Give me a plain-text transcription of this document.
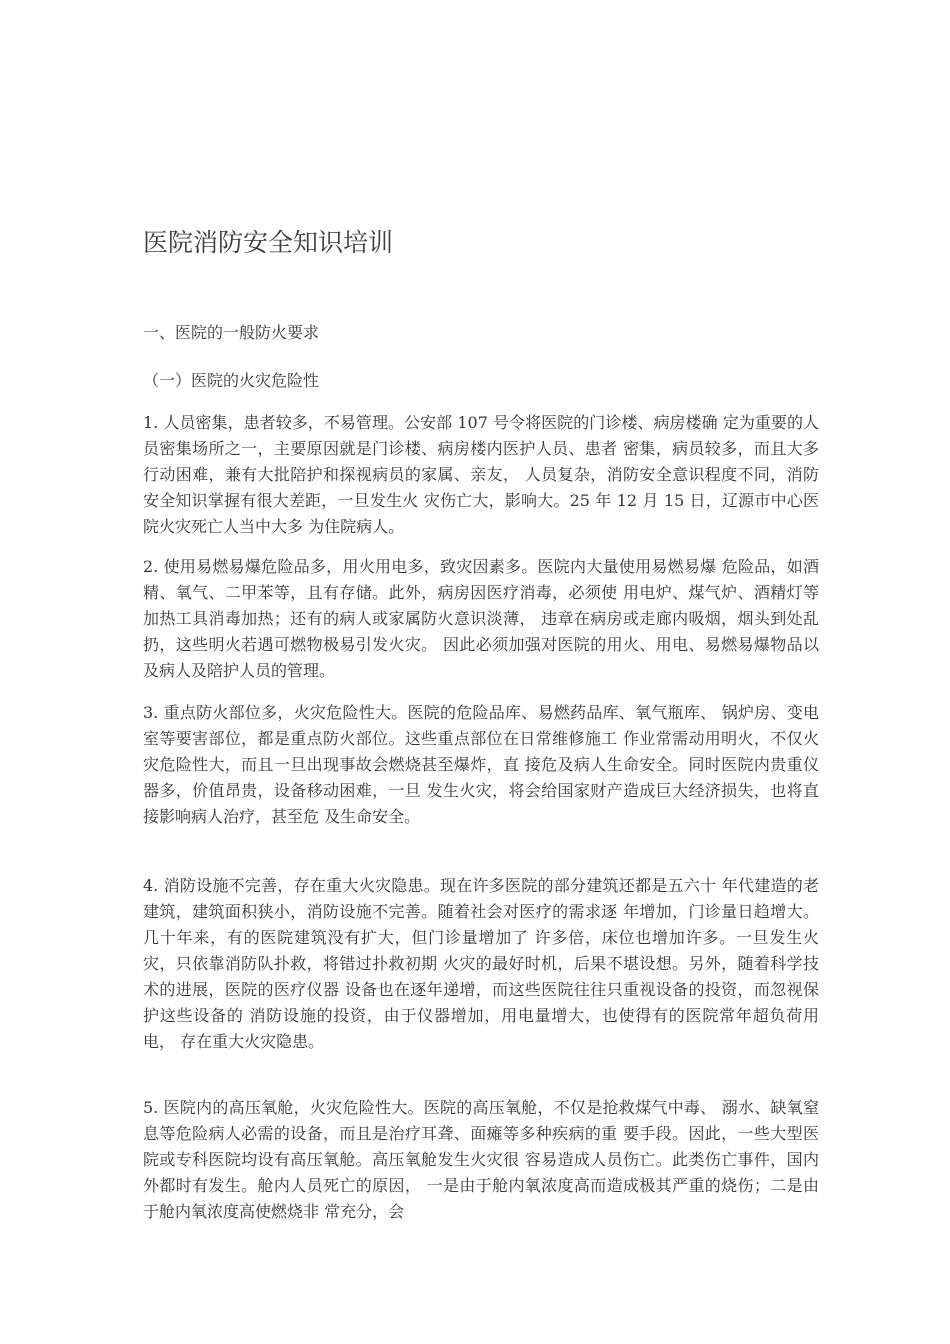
医院消防安全知识培训
一、医院的一般防火要求
（一）医院的火灾危险性

1. 人员密集，患者较多，不易管理。公安部 107 号令将医院的门诊楼、病房楼确 定为重要的人员密集场所之一，主要原因就是门诊楼、病房楼内医护人员、患者 密集，病员较多，而且大多行动困难，兼有大批陪护和探视病员的家属、亲友， 人员复杂，消防安全意识程度不同，消防安全知识掌握有很大差距，一旦发生火 灾伤亡大，影响大。25 年 12 月 15 日，辽源市中心医院火灾死亡人当中大多 为住院病人。

2. 使用易燃易爆危险品多，用火用电多，致灾因素多。医院内大量使用易燃易爆 危险品，如酒精、氧气、二甲苯等，且有存储。此外，病房因医疗消毒，必须使 用电炉、煤气炉、酒精灯等加热工具消毒加热；还有的病人或家属防火意识淡薄， 违章在病房或走廊内吸烟，烟头到处乱扔，这些明火若遇可燃物极易引发火灾。 因此必须加强对医院的用火、用电、易燃易爆物品以及病人及陪护人员的管理。

3. 重点防火部位多，火灾危险性大。医院的危险品库、易燃药品库、氧气瓶库、 锅炉房、变电室等要害部位，都是重点防火部位。这些重点部位在日常维修施工 作业常需动用明火，不仅火灾危险性大，而且一旦出现事故会燃烧甚至爆炸，直 接危及病人生命安全。同时医院内贵重仪器多，价值昂贵，设备移动困难，一旦 发生火灾，将会给国家财产造成巨大经济损失，也将直接影响病人治疗，甚至危 及生命安全。

4. 消防设施不完善，存在重大火灾隐患。现在许多医院的部分建筑还都是五六十 年代建造的老建筑，建筑面积狭小，消防设施不完善。随着社会对医疗的需求逐 年增加，门诊量日趋增大。几十年来，有的医院建筑没有扩大，但门诊量增加了 许多倍，床位也增加许多。一旦发生火灾，只依靠消防队扑救，将错过扑救初期 火灾的最好时机，后果不堪设想。另外，随着科学技术的进展，医院的医疗仪器 设备也在逐年递增，而这些医院往往只重视设备的投资，而忽视保护这些设备的 消防设施的投资，由于仪器增加，用电量增大，也使得有的医院常年超负荷用电， 存在重大火灾隐患。

5. 医院内的高压氧舱，火灾危险性大。医院的高压氧舱，不仅是抢救煤气中毒、 溺水、缺氧窒息等危险病人必需的设备，而且是治疗耳聋、面瘫等多种疾病的重 要手段。因此，一些大型医院或专科医院均设有高压氧舱。高压氧舱发生火灾很 容易造成人员伤亡。此类伤亡事件，国内外都时有发生。舱内人员死亡的原因， 一是由于舱内氧浓度高而造成极其严重的烧伤；二是由于舱内氧浓度高使燃烧非 常充分，会
